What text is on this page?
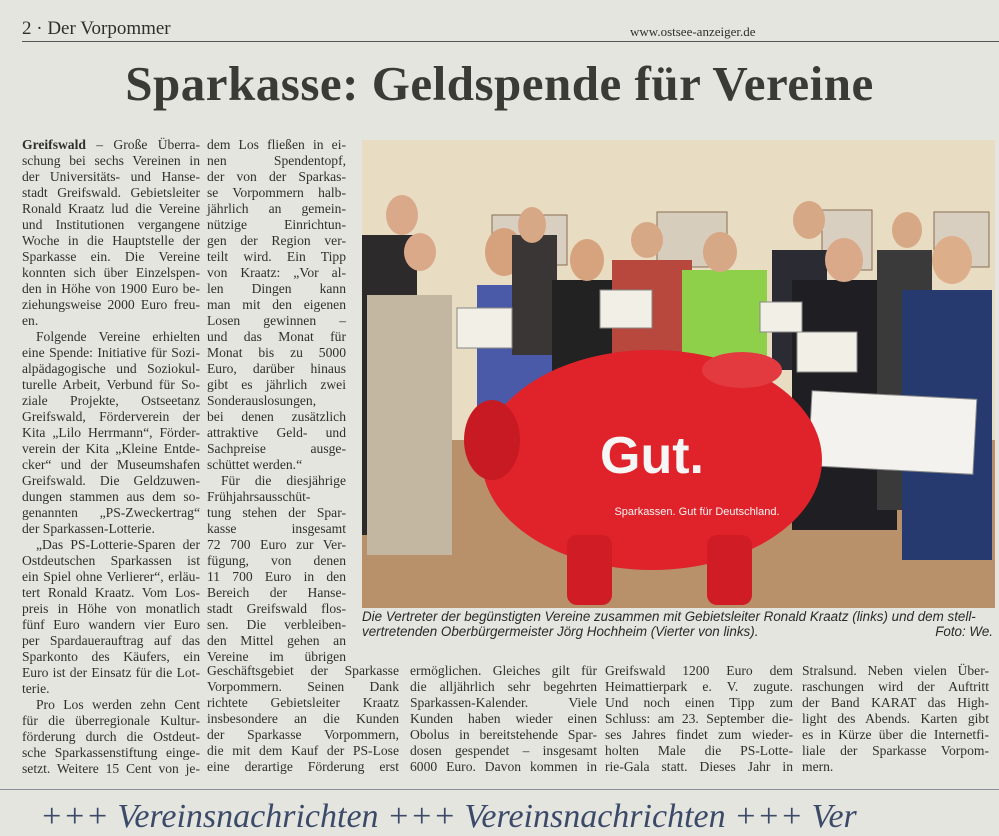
2 · Der Vorpommer	www.ostsee-anzeiger.de
Sparkasse: Geldspende für Vereine
Greifswald – Große Überra-
schung bei sechs Vereinen in
der Universitäts- und Hanse-
stadt Greifswald. Gebietsleiter
Ronald Kraatz lud die Vereine
und Institutionen vergangene
Woche in die Hauptstelle der
Sparkasse ein. Die Vereine
konnten sich über Einzelspen-
den in Höhe von 1900 Euro be-
ziehungsweise 2000 Euro freu-
en.
Folgende Vereine erhielten
eine Spende: Initiative für Sozi-
alpädagogische und Soziokul-
turelle Arbeit, Verbund für So-
ziale Projekte, Ostseetanz
Greifswald, Förderverein der
Kita „Lilo Herrmann“, Förder-
verein der Kita „Kleine Entde-
cker“ und der Museumshafen
Greifswald. Die Geldzuwen-
dungen stammen aus dem so-
genannten „PS-Zweckertrag“
der Sparkassen-Lotterie.
„Das PS-Lotterie-Sparen der
Ostdeutschen Sparkassen ist
ein Spiel ohne Verlierer“, erläu-
tert Ronald Kraatz. Vom Los-
preis in Höhe von monatlich
fünf Euro wandern vier Euro
per Spardauerauftrag auf das
Sparkonto des Käufers, ein
Euro ist der Einsatz für die Lot-
terie.
Pro Los werden zehn Cent
für die überregionale Kultur-
förderung durch die Ostdeut-
sche Sparkassenstiftung einge-
setzt. Weitere 15 Cent von je-
dem Los fließen in ei-
nen Spendentopf,
der von der Sparkas-
se Vorpommern halb-
jährlich an gemein-
nützige Einrichtun-
gen der Region ver-
teilt wird. Ein Tipp
von Kraatz: „Vor al-
len Dingen kann
man mit den eigenen
Losen gewinnen –
und das Monat für
Monat bis zu 5000
Euro, darüber hinaus
gibt es jährlich zwei
Sonderauslosungen,
bei denen zusätzlich
attraktive Geld- und
Sachpreise ausge-
schüttet werden.“
Für die diesjährige
Frühjahrsausschüt-
tung stehen der Spar-
kasse insgesamt
72 700 Euro zur Ver-
fügung, von denen
11 700 Euro in den
Bereich der Hanse-
stadt Greifswald flos-
sen. Die verbleiben-
den Mittel gehen an
Vereine im übrigen
Geschäftsgebiet der Sparkasse
Vorpommern. Seinen Dank
richtete Gebietsleiter Kraatz
insbesondere an die Kunden
der Sparkasse Vorpommern,
die mit dem Kauf der PS-Lose
eine derartige Förderung erst
ermöglichen. Gleiches gilt für
die alljährlich sehr begehrten
Sparkassen-Kalender. Viele
Kunden haben wieder einen
Obolus in bereitstehende Spar-
dosen gespendet – insgesamt
6000 Euro. Davon kommen in
Greifswald 1200 Euro dem
Heimattierpark e. V. zugute.
Und noch einen Tipp zum
Schluss: am 23. September die-
ses Jahres findet zum wieder-
holten Male die PS-Lotte-
rie-Gala statt. Dieses Jahr in
Stralsund. Neben vielen Über-
raschungen wird der Auftritt
der Band KARAT das High-
light des Abends. Karten gibt
es in Kürze über die Internetfi-
liale der Sparkasse Vorpom-
mern.
Gut.
Sparkassen. Gut für Deutschland.
Die Vertreter der begünstigten Vereine zusammen mit Gebietsleiter Ronald Kraatz (links) und dem stell-
vertretenden Oberbürgermeister Jörg Hochheim (Vierter von links).	Foto: We.
+++ Vereinsnachrichten +++ Vereinsnachrichten +++ Ver
